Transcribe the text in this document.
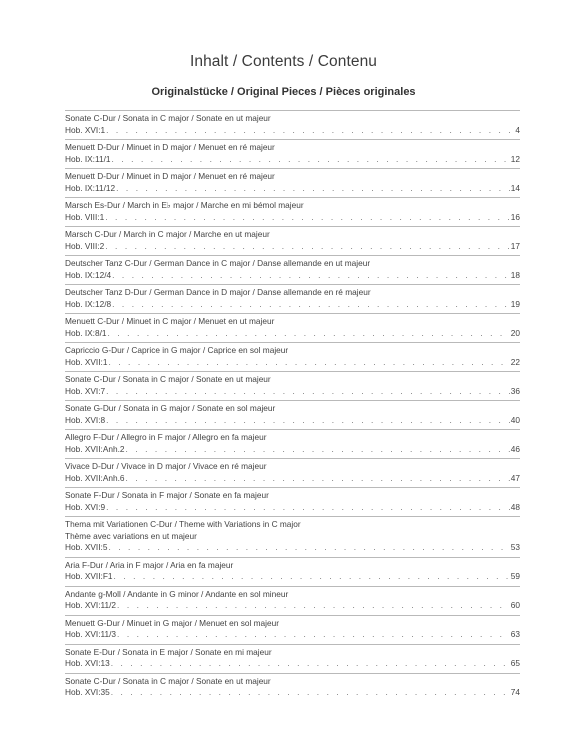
Inhalt / Contents / Contenu
Originalstücke / Original Pieces / Pièces originales
Sonate C-Dur / Sonata in C major / Sonate en ut majeur
Hob. XVI:1 . . .	4
Menuett D-Dur / Minuet in D major / Menuet en ré majeur
Hob. IX:11/1 . . .	12
Menuett D-Dur / Minuet in D major / Menuet en ré majeur
Hob. IX:11/12 . . .	14
Marsch Es-Dur / March in E♭ major / Marche en mi bémol majeur
Hob. VIII:1 . . .	16
Marsch C-Dur / March in C major / Marche en ut majeur
Hob. VIII:2 . . .	17
Deutscher Tanz C-Dur / German Dance in C major / Danse allemande en ut majeur
Hob. IX:12/4 . . .	18
Deutscher Tanz D-Dur / German Dance in D major / Danse allemande en ré majeur
Hob. IX:12/8 . . .	19
Menuett C-Dur / Minuet in C major / Menuet en ut majeur
Hob. IX:8/1 . . .	20
Capriccio G-Dur / Caprice in G major / Caprice en sol majeur
Hob. XVII:1 . . .	22
Sonate C-Dur / Sonata in C major / Sonate en ut majeur
Hob. XVI:7 . . .	36
Sonate G-Dur / Sonata in G major / Sonate en sol majeur
Hob. XVI:8 . . .	40
Allegro F-Dur / Allegro in F major / Allegro en fa majeur
Hob. XVII:Anh.2 . . .	46
Vivace D-Dur / Vivace in D major / Vivace en ré majeur
Hob. XVII:Anh.6 . . .	47
Sonate F-Dur / Sonata in F major / Sonate en fa majeur
Hob. XVI:9 . . .	48
Thema mit Variationen C-Dur / Theme with Variations in C major
Thème avec variations en ut majeur
Hob. XVII:5 . . .	53
Aria F-Dur / Aria in F major / Aria en fa majeur
Hob. XVII:F1 . . .	59
Andante g-Moll / Andante in G minor / Andante en sol mineur
Hob. XVI:11/2 . . .	60
Menuett G-Dur / Minuet in G major / Menuet en sol majeur
Hob. XVI:11/3 . . .	63
Sonate E-Dur / Sonata in E major / Sonate en mi majeur
Hob. XVI:13 . . .	65
Sonate C-Dur / Sonata in C major / Sonate en ut majeur
Hob. XVI:35 . . .	74
